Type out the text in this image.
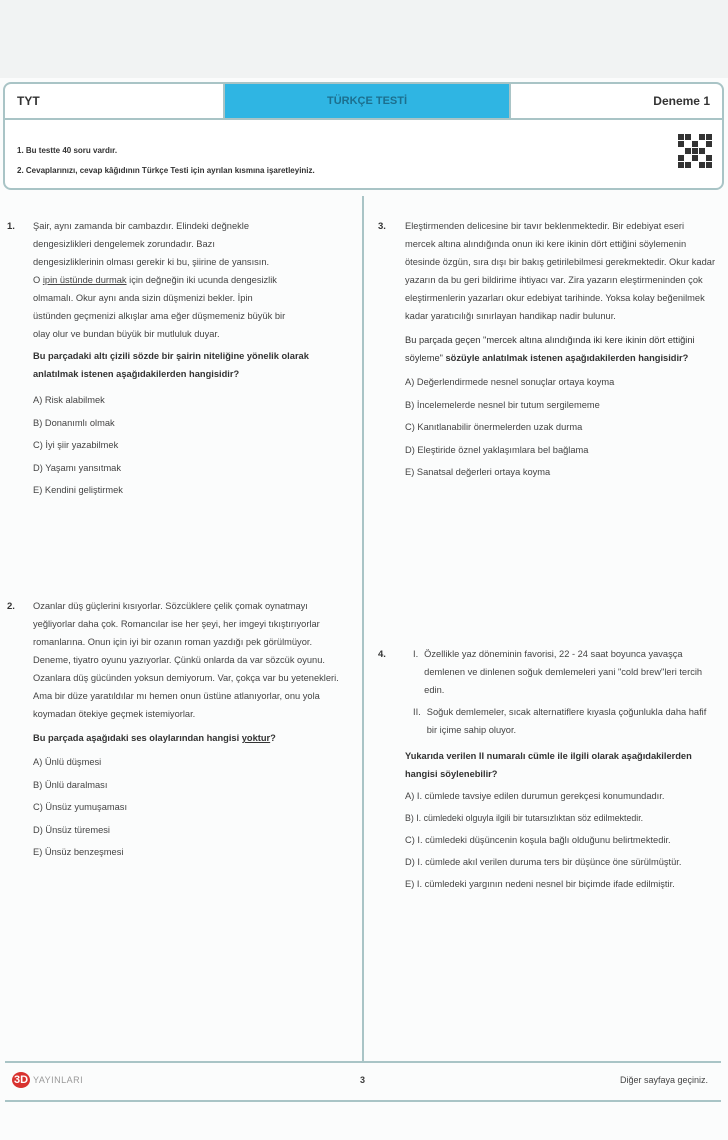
TYT	TÜRKÇE TESTİ	Deneme 1
1. Bu testte 40 soru vardır.
2. Cevaplarınızı, cevap kâğıdının Türkçe Testi için ayrılan kısmına işaretleyiniz.
1. Şair, aynı zamanda bir cambazdır. Elindeki değnekle
dengesizlikleri dengelemek zorundadır. Bazı
dengesizliklerinin olması gerekir ki bu, şiirine de yansısın.
O ipin üstünde durmak için değneğin iki ucunda dengesizlik
olmamalı. Okur aynı anda sizin düşmenizi bekler. İpin
üstünden geçmenizi alkışlar ama eğer düşmemeniz büyük bir
olay olur ve bundan büyük bir mutluluk duyar.
Bu parçadaki altı çizili sözde bir şairin niteliğine yönelik olarak anlatılmak istenen aşağıdakilerden hangisidir?
A) Risk alabilmek
B) Donanımlı olmak
C) İyi şiir yazabilmek
D) Yaşamı yansıtmak
E) Kendini geliştirmek
2. Ozanlar düş güçlerini kısıyorlar. Sözcüklere çelik çomak oynatmayı yeğliyorlar daha çok. Romancılar ise her şeyi, her imgeyi tıkıştırıyorlar romanlarına. Onun için iyi bir ozanın roman yazdığı pek görülmüyor. Deneme, tiyatro oyunu yazıyorlar. Çünkü onlarda da var sözcük oyunu. Ozanlara düş gücünden yoksun demiyorum. Var, çokça var bu yetenekleri. Ama bir düze yaratıldılar mı hemen onun üstüne atlanıyorlar, onu yola koymadan ötekiye geçmek istemiyorlar.
Bu parçada aşağıdaki ses olaylarından hangisi yoktur?
A) Ünlü düşmesi
B) Ünlü daralması
C) Ünsüz yumuşaması
D) Ünsüz türemesi
E) Ünsüz benzeşmesi
3. Eleştirmenden delicesine bir tavır beklenmektedir. Bir edebiyat eseri mercek altına alındığında onun iki kere ikinin dört ettiğini söylemenin ötesinde özgün, sıra dışı bir bakış getirilebilmesi gerekmektedir. Okur kadar yazarın da bu geri bildirime ihtiyacı var. Zira yazarın eleştirmeninden çok eleştirmenlerin yazarları okur edebiyat tarihinde. Yoksa kolay beğenilmek kadar yaratıcılığı sınırlayan handikap nadir bulunur.
Bu parçada geçen "mercek altına alındığında iki kere ikinin dört ettiğini söyleme" sözüyle anlatılmak istenen aşağıdakilerden hangisidir?
A) Değerlendirmede nesnel sonuçlar ortaya koyma
B) İncelemelerde nesnel bir tutum sergilememe
C) Kanıtlanabilir önermelerden uzak durma
D) Eleştiride öznel yaklaşımlara bel bağlama
E) Sanatsal değerleri ortaya koyma
4.	I. Özellikle yaz döneminin favorisi, 22 - 24 saat boyunca yavaşça demlenen ve dinlenen soğuk demlemeleri yani "cold brew"leri tercih edin.
II. Soğuk demlemeler, sıcak alternatiflere kıyasla çoğunlukla daha hafif bir içime sahip oluyor.
Yukarıda verilen II numaralı cümle ile ilgili olarak aşağıdakilerden hangisi söylenebilir?
A) I. cümlede tavsiye edilen durumun gerekçesi konumundadır.
B) I. cümledeki olguyla ilgili bir tutarsızlıktan söz edilmektedir.
C) I. cümledeki düşüncenin koşula bağlı olduğunu belirtmektedir.
D) I. cümlede akıl verilen duruma ters bir düşünce öne sürülmüştür.
E) I. cümledeki yargının nedeni nesnel bir biçimde ifade edilmiştir.
3D YAYINLARI	3	Diğer sayfaya geçiniz.
